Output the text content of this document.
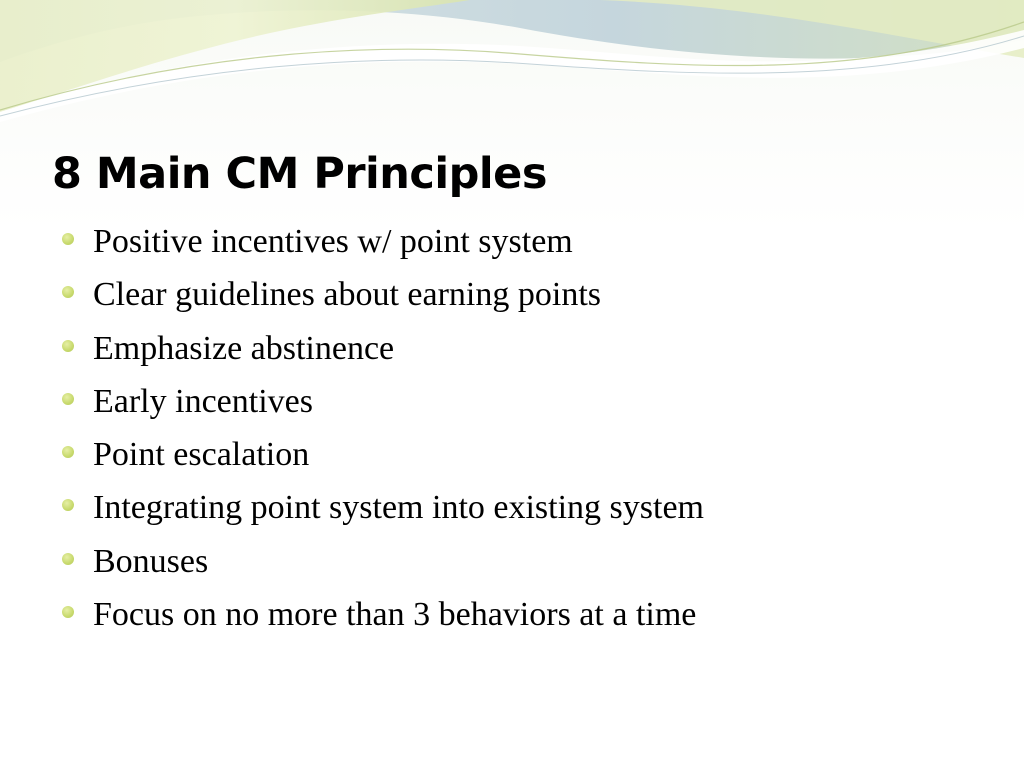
8 Main CM Principles
Positive incentives w/ point system
Clear guidelines about earning points
Emphasize abstinence
Early incentives
Point escalation
Integrating point system into existing system
Bonuses
Focus on no more than 3 behaviors at a time
